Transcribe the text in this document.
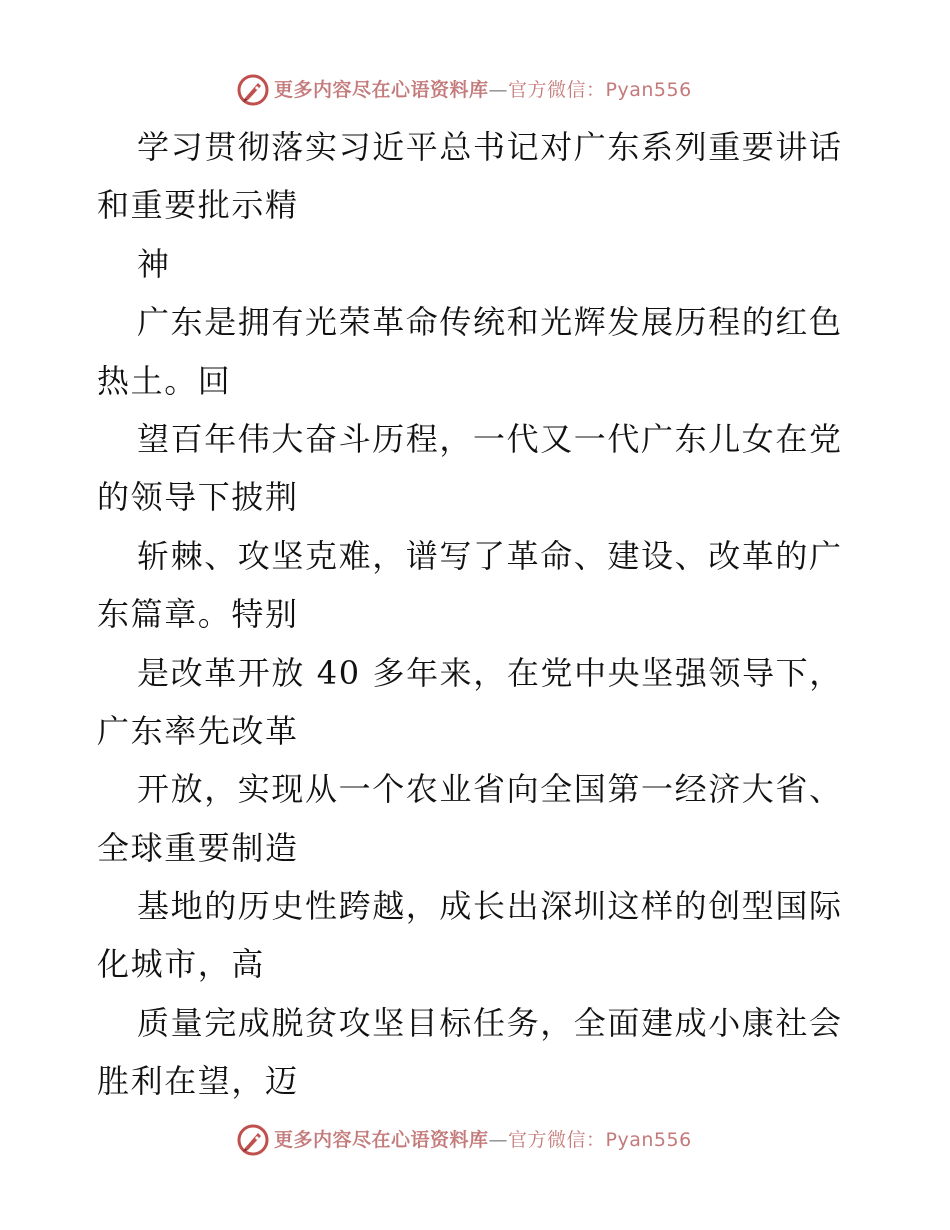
更多内容尽在心语资料库—官方微信：Pyan556
学习贯彻落实习近平总书记对广东系列重要讲话
和重要批示精
神
广东是拥有光荣革命传统和光辉发展历程的红色
热土。回
望百年伟大奋斗历程，一代又一代广东儿女在党
的领导下披荆
斩棘、攻坚克难，谱写了革命、建设、改革的广
东篇章。特别
是改革开放 40 多年来，在党中央坚强领导下，
广东率先改革
开放，实现从一个农业省向全国第一经济大省、
全球重要制造
基地的历史性跨越，成长出深圳这样的创型国际
化城市，高
质量完成脱贫攻坚目标任务，全面建成小康社会
胜利在望，迈
更多内容尽在心语资料库—官方微信：Pyan556
